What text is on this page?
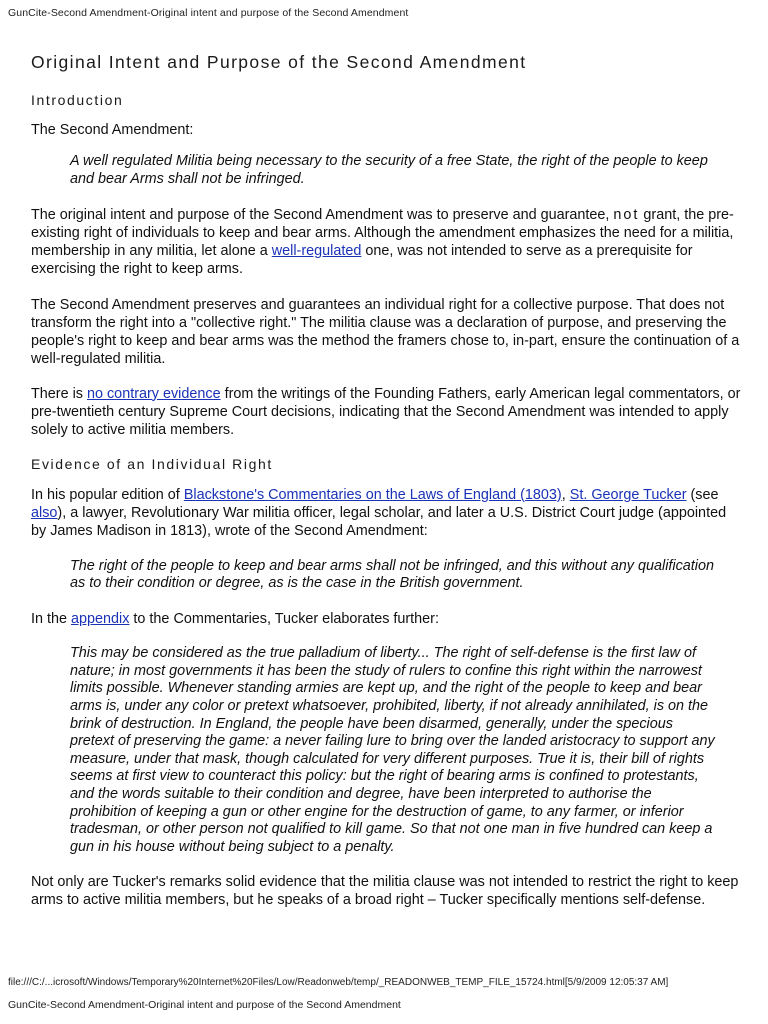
GunCite-Second Amendment-Original intent and purpose of the Second Amendment
Original Intent and Purpose of the Second Amendment
Introduction

The Second Amendment:

A well regulated Militia being necessary to the security of a free State, the right of the people to keep and bear Arms shall not be infringed.

The original intent and purpose of the Second Amendment was to preserve and guarantee, not grant, the pre-existing right of individuals to keep and bear arms. Although the amendment emphasizes the need for a militia, membership in any militia, let alone a well-regulated one, was not intended to serve as a prerequisite for exercising the right to keep arms.

The Second Amendment preserves and guarantees an individual right for a collective purpose. That does not transform the right into a "collective right." The militia clause was a declaration of purpose, and preserving the people's right to keep and bear arms was the method the framers chose to, in-part, ensure the continuation of a well-regulated militia.

There is no contrary evidence from the writings of the Founding Fathers, early American legal commentators, or pre-twentieth century Supreme Court decisions, indicating that the Second Amendment was intended to apply solely to active militia members.

Evidence of an Individual Right

In his popular edition of Blackstone's Commentaries on the Laws of England (1803), St. George Tucker (see also), a lawyer, Revolutionary War militia officer, legal scholar, and later a U.S. District Court judge (appointed by James Madison in 1813), wrote of the Second Amendment:

The right of the people to keep and bear arms shall not be infringed, and this without any qualification as to their condition or degree, as is the case in the British government.

In the appendix to the Commentaries, Tucker elaborates further:

This may be considered as the true palladium of liberty... The right of self-defense is the first law of nature; in most governments it has been the study of rulers to confine this right within the narrowest limits possible. Whenever standing armies are kept up, and the right of the people to keep and bear arms is, under any color or pretext whatsoever, prohibited, liberty, if not already annihilated, is on the brink of destruction. In England, the people have been disarmed, generally, under the specious pretext of preserving the game: a never failing lure to bring over the landed aristocracy to support any measure, under that mask, though calculated for very different purposes. True it is, their bill of rights seems at first view to counteract this policy: but the right of bearing arms is confined to protestants, and the words suitable to their condition and degree, have been interpreted to authorise the prohibition of keeping a gun or other engine for the destruction of game, to any farmer, or inferior tradesman, or other person not qualified to kill game. So that not one man in five hundred can keep a gun in his house without being subject to a penalty.

Not only are Tucker's remarks solid evidence that the militia clause was not intended to restrict the right to keep arms to active militia members, but he speaks of a broad right – Tucker specifically mentions self-defense.

file:///C:/...icrosoft/Windows/Temporary%20Internet%20Files/Low/Readonweb/temp/_READONWEB_TEMP_FILE_15724.html[5/9/2009 12:05:37 AM]
GunCite-Second Amendment-Original intent and purpose of the Second Amendment
